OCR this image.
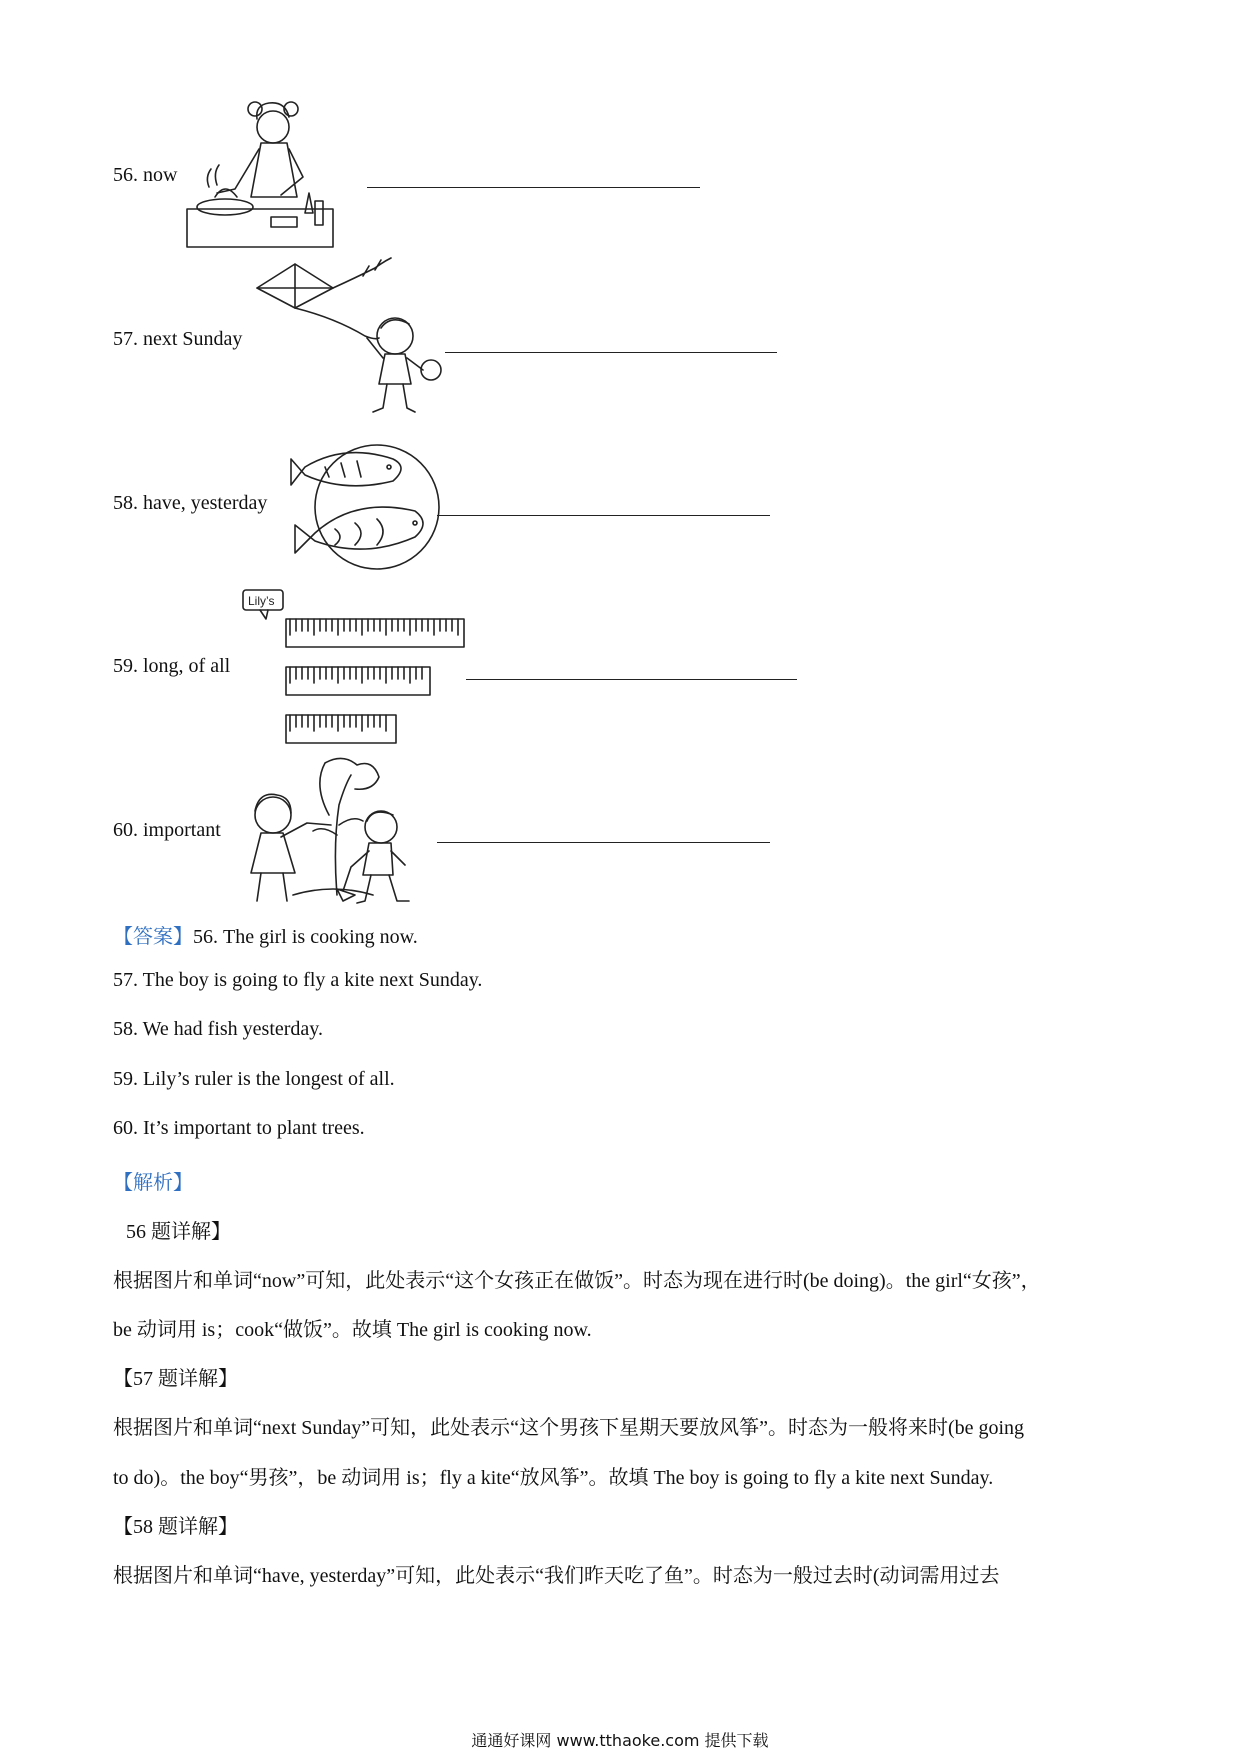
56. now
57. next Sunday
58. have, yesterday
59. long, of all
Lily’s
60. important
【答案】56. The girl is cooking now.
57. The boy is going to fly a kite next Sunday.
58. We had fish yesterday.
59. Lily’s ruler is the longest of all.
60. It’s important to plant trees.
【解析】
56 题详解】
根据图片和单词“now”可知，此处表示“这个女孩正在做饭”。时态为现在进行时(be doing)。the girl“女孩”，
be 动词用 is；cook“做饭”。故填 The girl is cooking now.
【57 题详解】
根据图片和单词“next Sunday”可知，此处表示“这个男孩下星期天要放风筝”。时态为一般将来时(be going
to do)。the boy“男孩”，be 动词用 is；fly a kite“放风筝”。故填 The boy is going to fly a kite next Sunday.
【58 题详解】
根据图片和单词“have, yesterday”可知，此处表示“我们昨天吃了鱼”。时态为一般过去时(动词需用过去
通通好课网 www.tthaoke.com 提供下载
